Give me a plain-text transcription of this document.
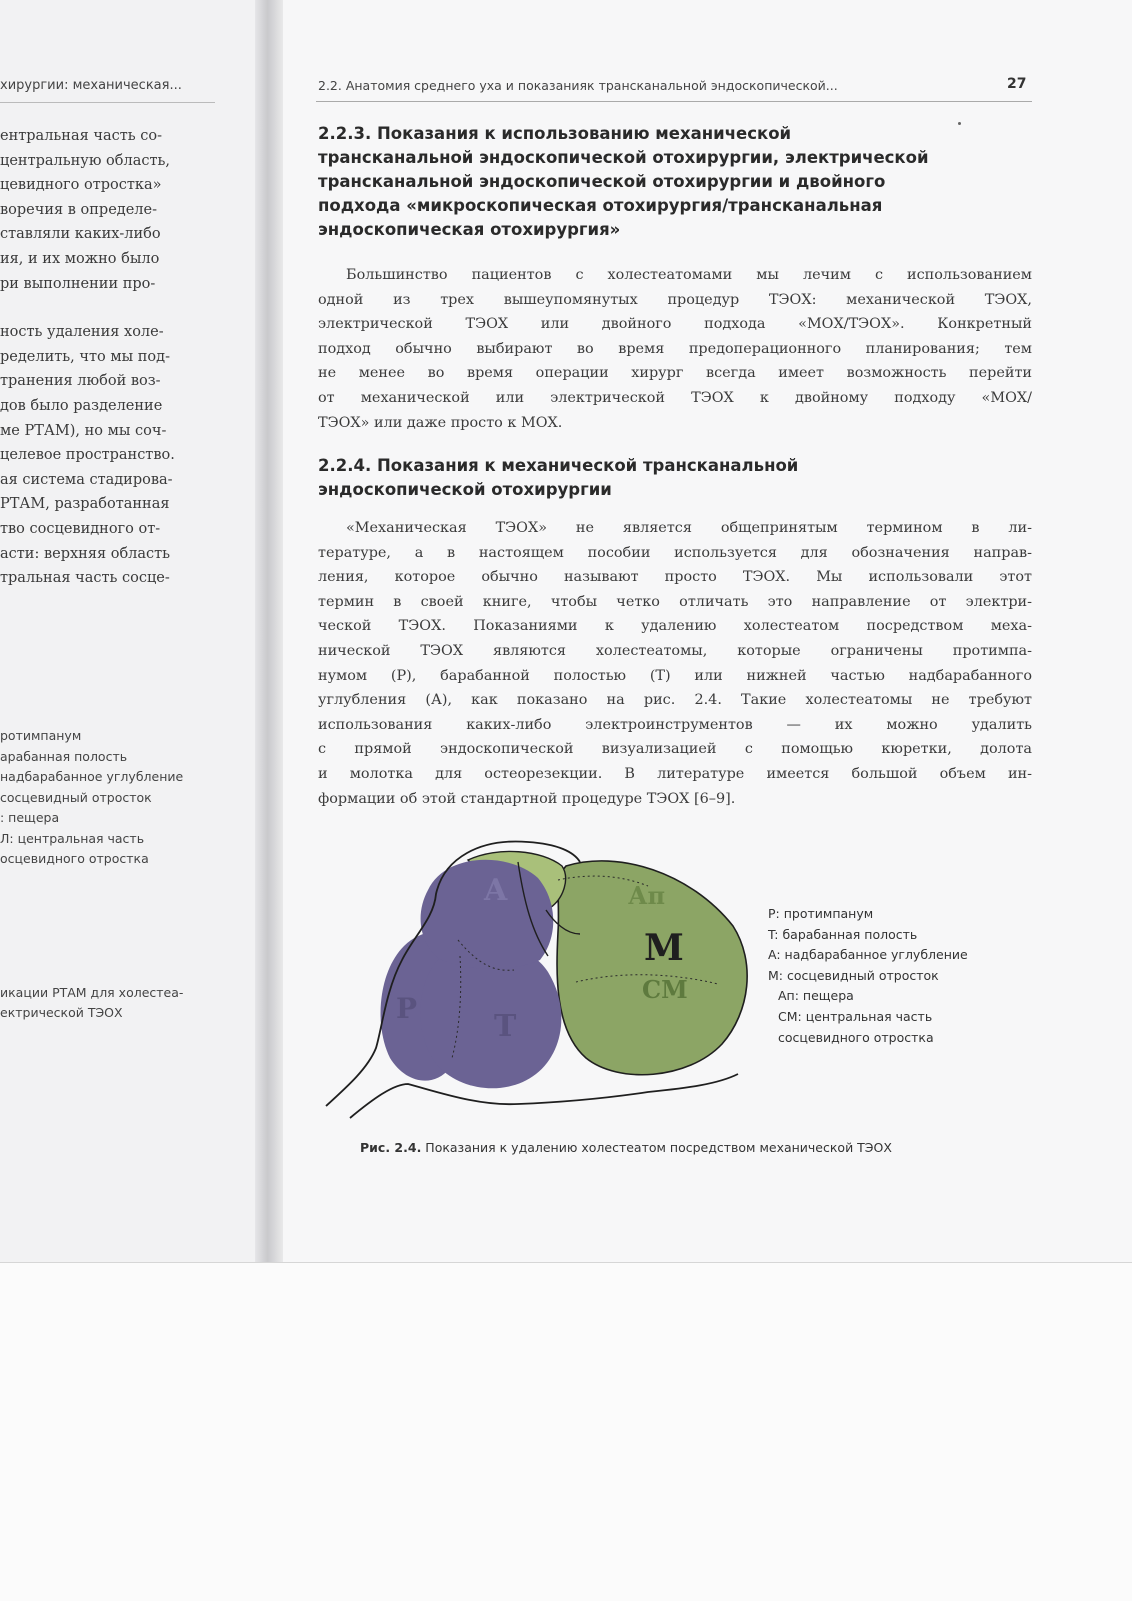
хирургии: механическая...
ентральная часть со-
центральную область,
цевидного отростка»
воречия в определе-
ставляли каких-либо
ия, и их можно было
ри выполнении про-
ность удаления холе-
ределить, что мы под-
транения любой воз-
дов было разделение
ме РТАМ), но мы соч-
целевое пространство.
ая система стадирова-
РТАМ, разработанная
тво сосцевидного от-
асти: верхняя область
тральная часть сосце-
ротимпанум
арабанная полость
надбарабанное углубление
сосцевидный отросток
: пещера
Л: центральная часть
осцевидного отростка
икации РТАМ для холестеа-
ектрической ТЭОХ
2.2. Анатомия среднего уха и показанияк трансканальной эндоскопической...	27
2.2.3. Показания к использованию механической
трансканальной эндоскопической отохирургии, электрической
трансканальной эндоскопической отохирургии и двойного
подхода «микроскопическая отохирургия/трансканальная
эндоскопическая отохирургия»
Большинство пациентов с холестеатомами мы лечим с использованием
одной из трех вышеупомянутых процедур ТЭОХ: механической ТЭОХ,
электрической ТЭОХ или двойного подхода «МОХ/ТЭОХ». Конкретный
подход обычно выбирают во время предоперационного планирования; тем
не менее во время операции хирург всегда имеет возможность перейти
от механической или электрической ТЭОХ к двойному подходу «МОХ/
ТЭОХ» или даже просто к МОХ.
2.2.4. Показания к механической трансканальной
эндоскопической отохирургии
«Механическая ТЭОХ» не является общепринятым термином в ли-
тературе, а в настоящем пособии используется для обозначения направ-
ления, которое обычно называют просто ТЭОХ. Мы использовали этот
термин в своей книге, чтобы четко отличать это направление от электри-
ческой ТЭОХ. Показаниями к удалению холестеатом посредством меха-
нической ТЭОХ являются холестеатомы, которые ограничены протимпа-
нумом (Р), барабанной полостью (Т) или нижней частью надбарабанного
углубления (А), как показано на рис. 2.4. Такие холестеатомы не требуют
использования каких-либо электроинструментов — их можно удалить
с прямой эндоскопической визуализацией с помощью кюретки, долота
и молотка для остеорезекции. В литературе имеется большой объем ин-
формации об этой стандартной процедуре ТЭОХ [6–9].
A
P
T
Ап
M
CM
P: протимпанум
T: барабанная полость
A: надбарабанное углубление
M: сосцевидный отросток
Ап: пещера
CM: центральная часть
сосцевидного отростка
Рис. 2.4. Показания к удалению холестеатом посредством механической ТЭОХ
